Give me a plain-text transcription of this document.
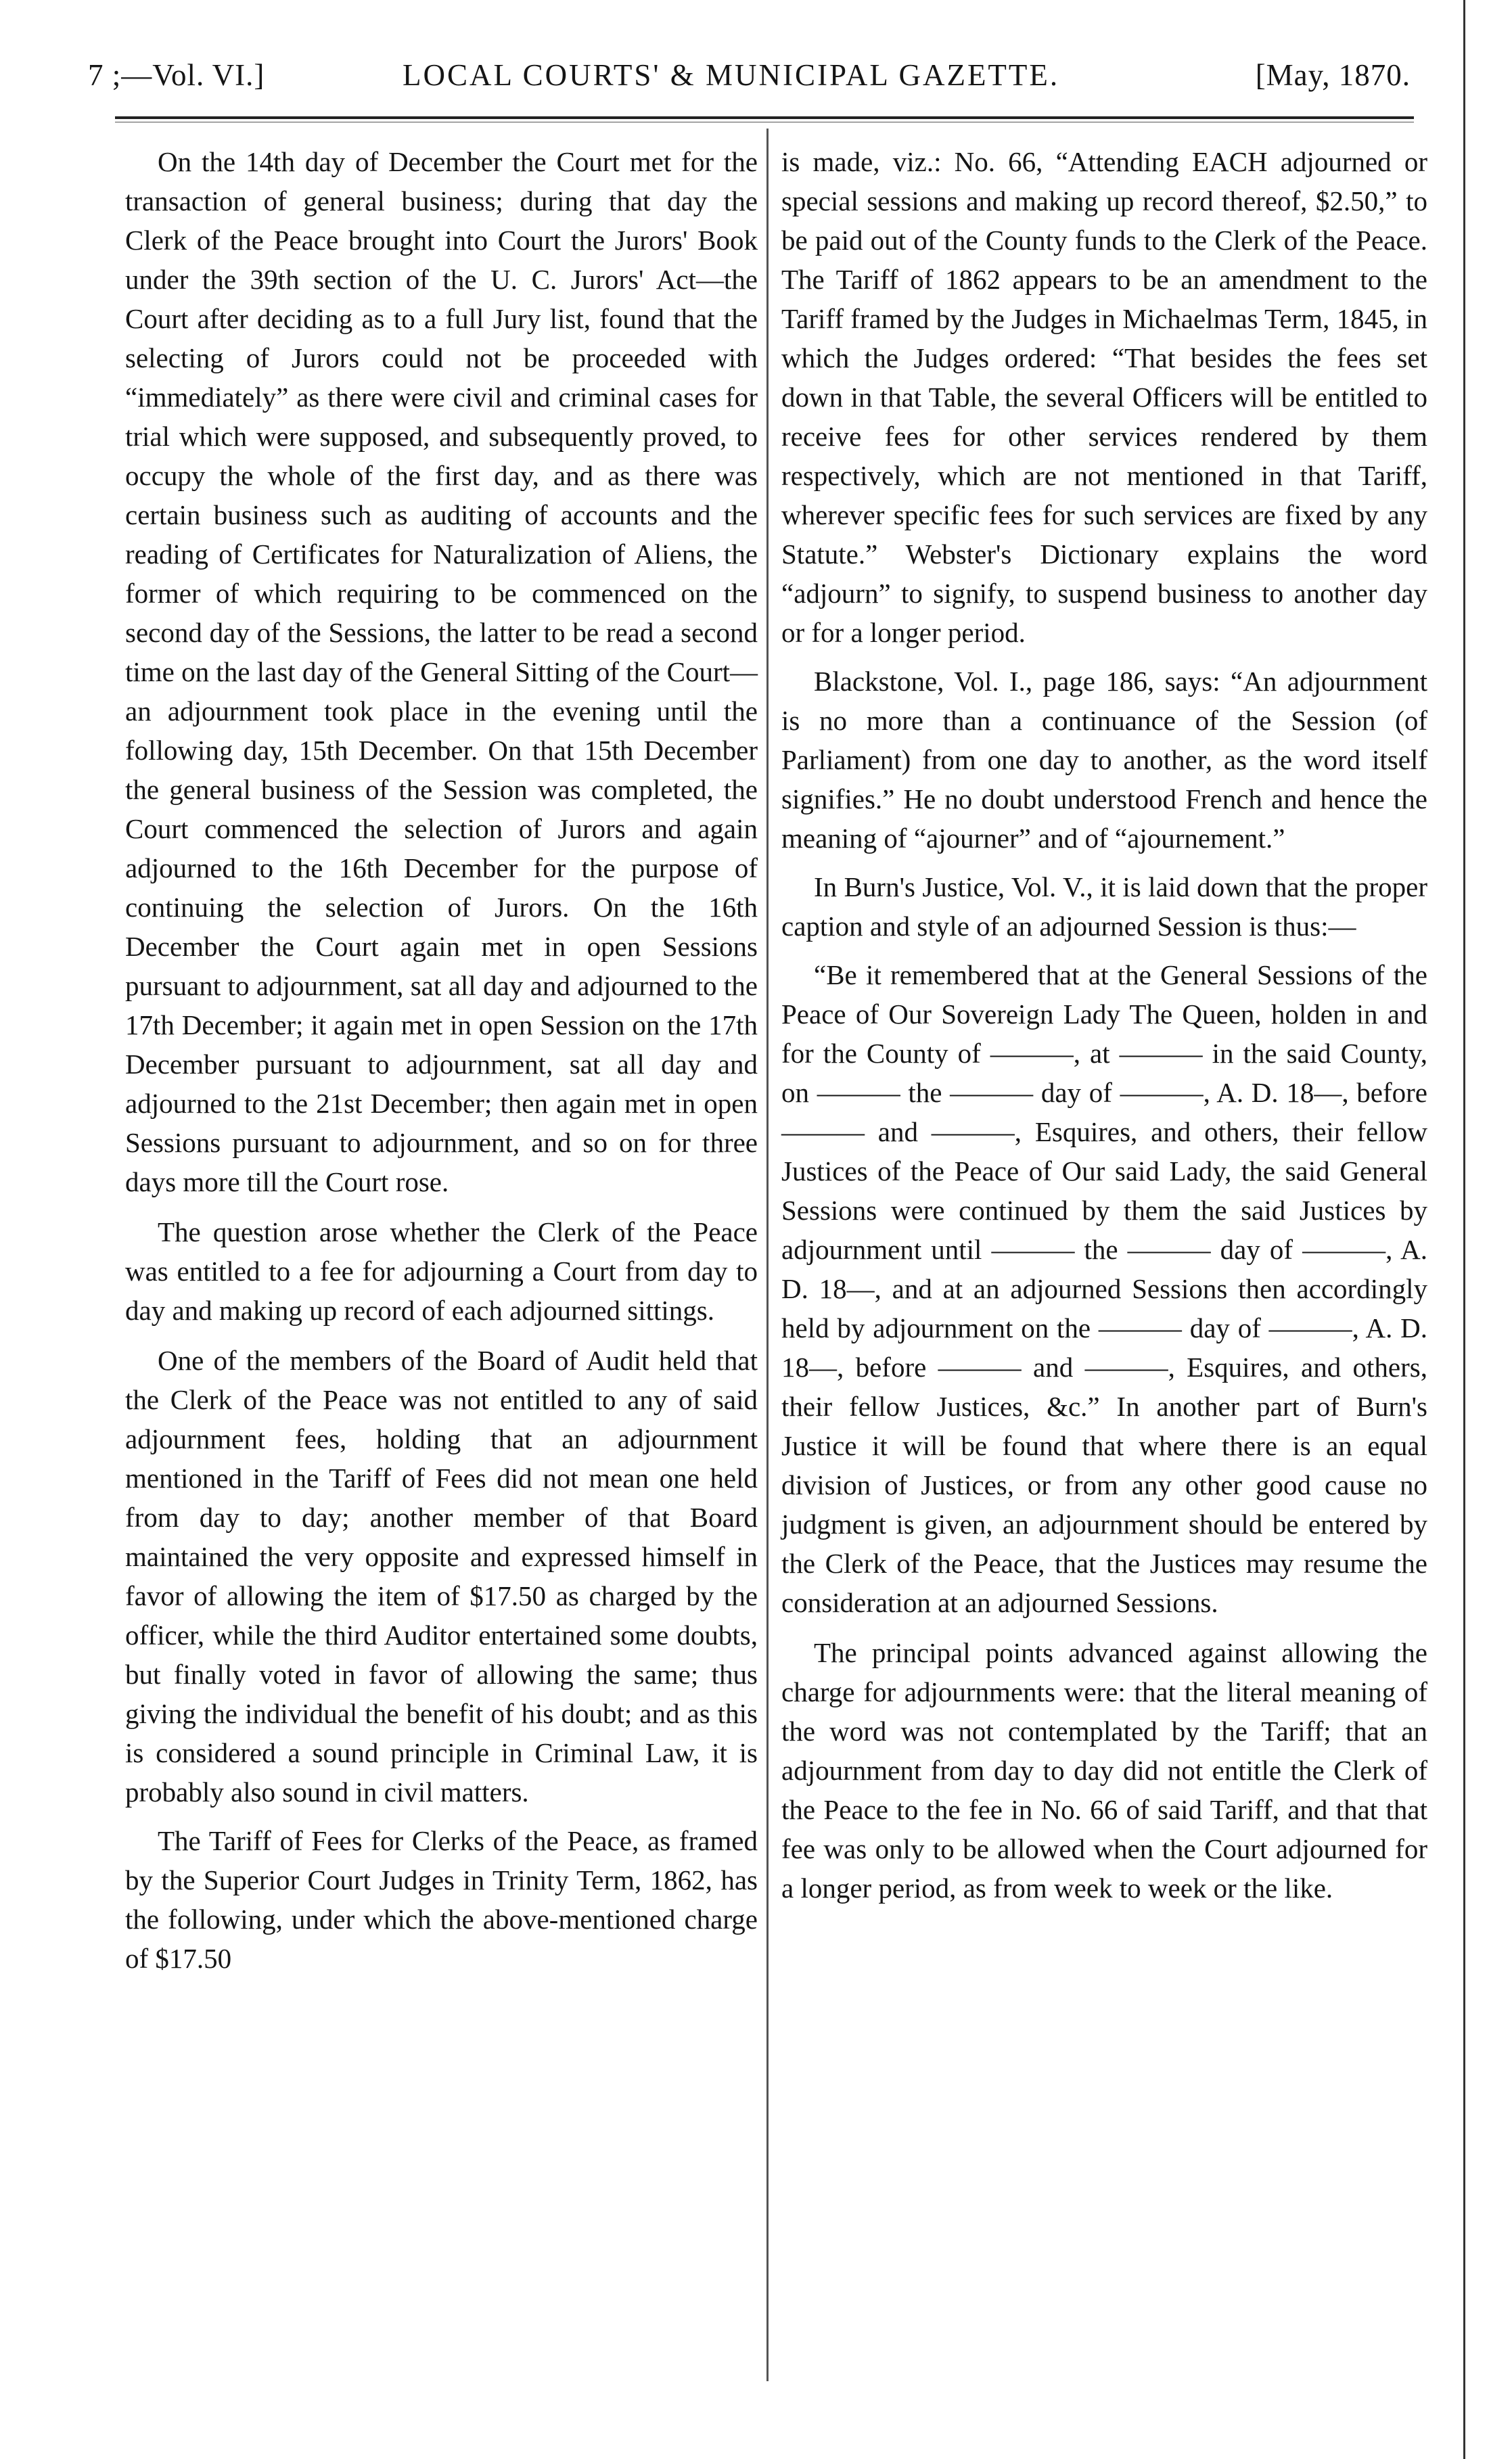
7 ;—Vol. VI.]	LOCAL COURTS' & MUNICIPAL GAZETTE.	[May, 1870.

On the 14th day of December the Court met for the transaction of general business; during that day the Clerk of the Peace brought into Court the Jurors' Book under the 39th section of the U. C. Jurors' Act—the Court after deciding as to a full Jury list, found that the selecting of Jurors could not be proceeded with “immediately” as there were civil and criminal cases for trial which were supposed, and subsequently proved, to occupy the whole of the first day, and as there was certain business such as auditing of accounts and the reading of Certificates for Naturalization of Aliens, the former of which requiring to be commenced on the second day of the Sessions, the latter to be read a second time on the last day of the General Sitting of the Court—an adjournment took place in the evening until the following day, 15th December. On that 15th December the general business of the Session was completed, the Court commenced the selection of Jurors and again adjourned to the 16th December for the purpose of continuing the selection of Jurors. On the 16th December the Court again met in open Sessions pursuant to adjournment, sat all day and adjourned to the 17th December; it again met in open Session on the 17th December pursuant to adjournment, sat all day and adjourned to the 21st December; then again met in open Sessions pursuant to adjournment, and so on for three days more till the Court rose.

The question arose whether the Clerk of the Peace was entitled to a fee for adjourning a Court from day to day and making up record of each adjourned sittings.

One of the members of the Board of Audit held that the Clerk of the Peace was not entitled to any of said adjournment fees, holding that an adjournment mentioned in the Tariff of Fees did not mean one held from day to day; another member of that Board maintained the very opposite and expressed himself in favor of allowing the item of $17.50 as charged by the officer, while the third Auditor entertained some doubts, but finally voted in favor of allowing the same; thus giving the individual the benefit of his doubt; and as this is considered a sound principle in Criminal Law, it is probably also sound in civil matters.

The Tariff of Fees for Clerks of the Peace, as framed by the Superior Court Judges in Trinity Term, 1862, has the following, under which the above-mentioned charge of $17.50

is made, viz.: No. 66, “Attending EACH adjourned or special sessions and making up record thereof, $2.50,” to be paid out of the County funds to the Clerk of the Peace. The Tariff of 1862 appears to be an amendment to the Tariff framed by the Judges in Michaelmas Term, 1845, in which the Judges ordered: “That besides the fees set down in that Table, the several Officers will be entitled to receive fees for other services rendered by them respectively, which are not mentioned in that Tariff, wherever specific fees for such services are fixed by any Statute.” Webster's Dictionary explains the word “adjourn” to signify, to suspend business to another day or for a longer period.

Blackstone, Vol. I., page 186, says: “An adjournment is no more than a continuance of the Session (of Parliament) from one day to another, as the word itself signifies.” He no doubt understood French and hence the meaning of “ajourner” and of “ajournement.”

In Burn's Justice, Vol. V., it is laid down that the proper caption and style of an adjourned Session is thus:—

“Be it remembered that at the General Sessions of the Peace of Our Sovereign Lady The Queen, holden in and for the County of ———, at ——— in the said County, on ——— the ——— day of ———, A. D. 18—, before ——— and ———, Esquires, and others, their fellow Justices of the Peace of Our said Lady, the said General Sessions were continued by them the said Justices by adjournment until ——— the ——— day of ———, A. D. 18—, and at an adjourned Sessions then accordingly held by adjournment on the ——— day of ———, A. D. 18—, before ——— and ———, Esquires, and others, their fellow Justices, &c.” In another part of Burn's Justice it will be found that where there is an equal division of Justices, or from any other good cause no judgment is given, an adjournment should be entered by the Clerk of the Peace, that the Justices may resume the consideration at an adjourned Sessions.

The principal points advanced against allowing the charge for adjournments were: that the literal meaning of the word was not contemplated by the Tariff; that an adjournment from day to day did not entitle the Clerk of the Peace to the fee in No. 66 of said Tariff, and that that fee was only to be allowed when the Court adjourned for a longer period, as from week to week or the like.
